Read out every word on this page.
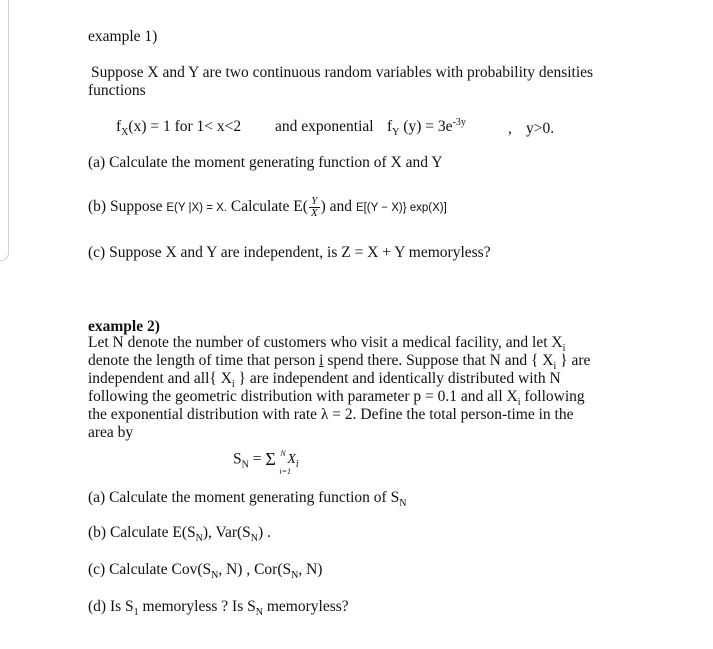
example 1)
Suppose X and Y are two continuous random variables with probability densities
functions
$f_X(x) = 1$ for 1< x<2 and exponential $f_Y$ $(y) = 3e^{-3y}$	, y>0.
(a) Calculate the moment generating function of X and Y
(b) Suppose E(Y |X) = X. Calculate $E( \frac{Y}{X}$ ) and E[(Y − X)} exp(X)]
(c) Suppose X and Y are independent, is Z = X + Y memoryless?
example 2)
Let N denote the number of customers who visit a medical facility, and let $X_i$
denote the length of time that person i spend there. Suppose that N and { $X_i$ } are
independent and all{ $X_i$ } are independent and identically distributed with N
following the geometric distribution with parameter p = 0.1 and all $X_i$ following
the exponential distribution with rate λ = 2. Define the total person-time in the
area by
$S_N = \Sigma$ N
i=1
$X_i$
(a) Calculate the moment generating function of $S_N$
(b) Calculate $E(S_N)$, $Var(S_N)$ .
(c) Calculate $Cov(S_N$, N) , $Cor(S_N$, N)
(d) Is $S_1$ memoryless ? Is $S_N$ memoryless?
